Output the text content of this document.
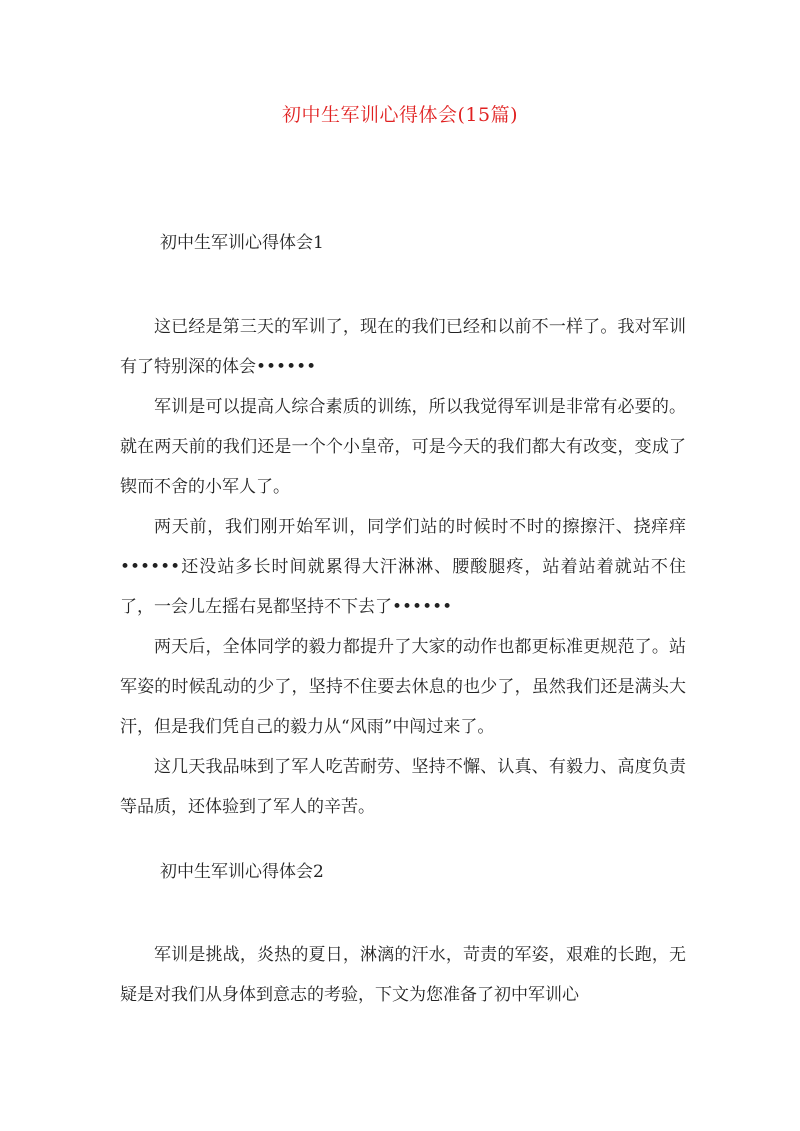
初中生军训心得体会(15篇)
初中生军训心得体会1

这已经是第三天的军训了，现在的我们已经和以前不一样了。我对军训有了特别深的体会••••••

军训是可以提高人综合素质的训练，所以我觉得军训是非常有必要的。就在两天前的我们还是一个个小皇帝，可是今天的我们都大有改变，变成了锲而不舍的小军人了。

两天前，我们刚开始军训，同学们站的时候时不时的擦擦汗、挠痒痒••••••还没站多长时间就累得大汗淋淋、腰酸腿疼，站着站着就站不住了，一会儿左摇右晃都坚持不下去了••••••

两天后，全体同学的毅力都提升了大家的动作也都更标准更规范了。站军姿的时候乱动的少了，坚持不住要去休息的也少了，虽然我们还是满头大汗，但是我们凭自己的毅力从“风雨”中闯过来了。

这几天我品味到了军人吃苦耐劳、坚持不懈、认真、有毅力、高度负责等品质，还体验到了军人的辛苦。

初中生军训心得体会2

军训是挑战，炎热的夏日，淋漓的汗水，苛责的军姿，艰难的长跑，无疑是对我们从身体到意志的考验，下文为您准备了初中军训心
